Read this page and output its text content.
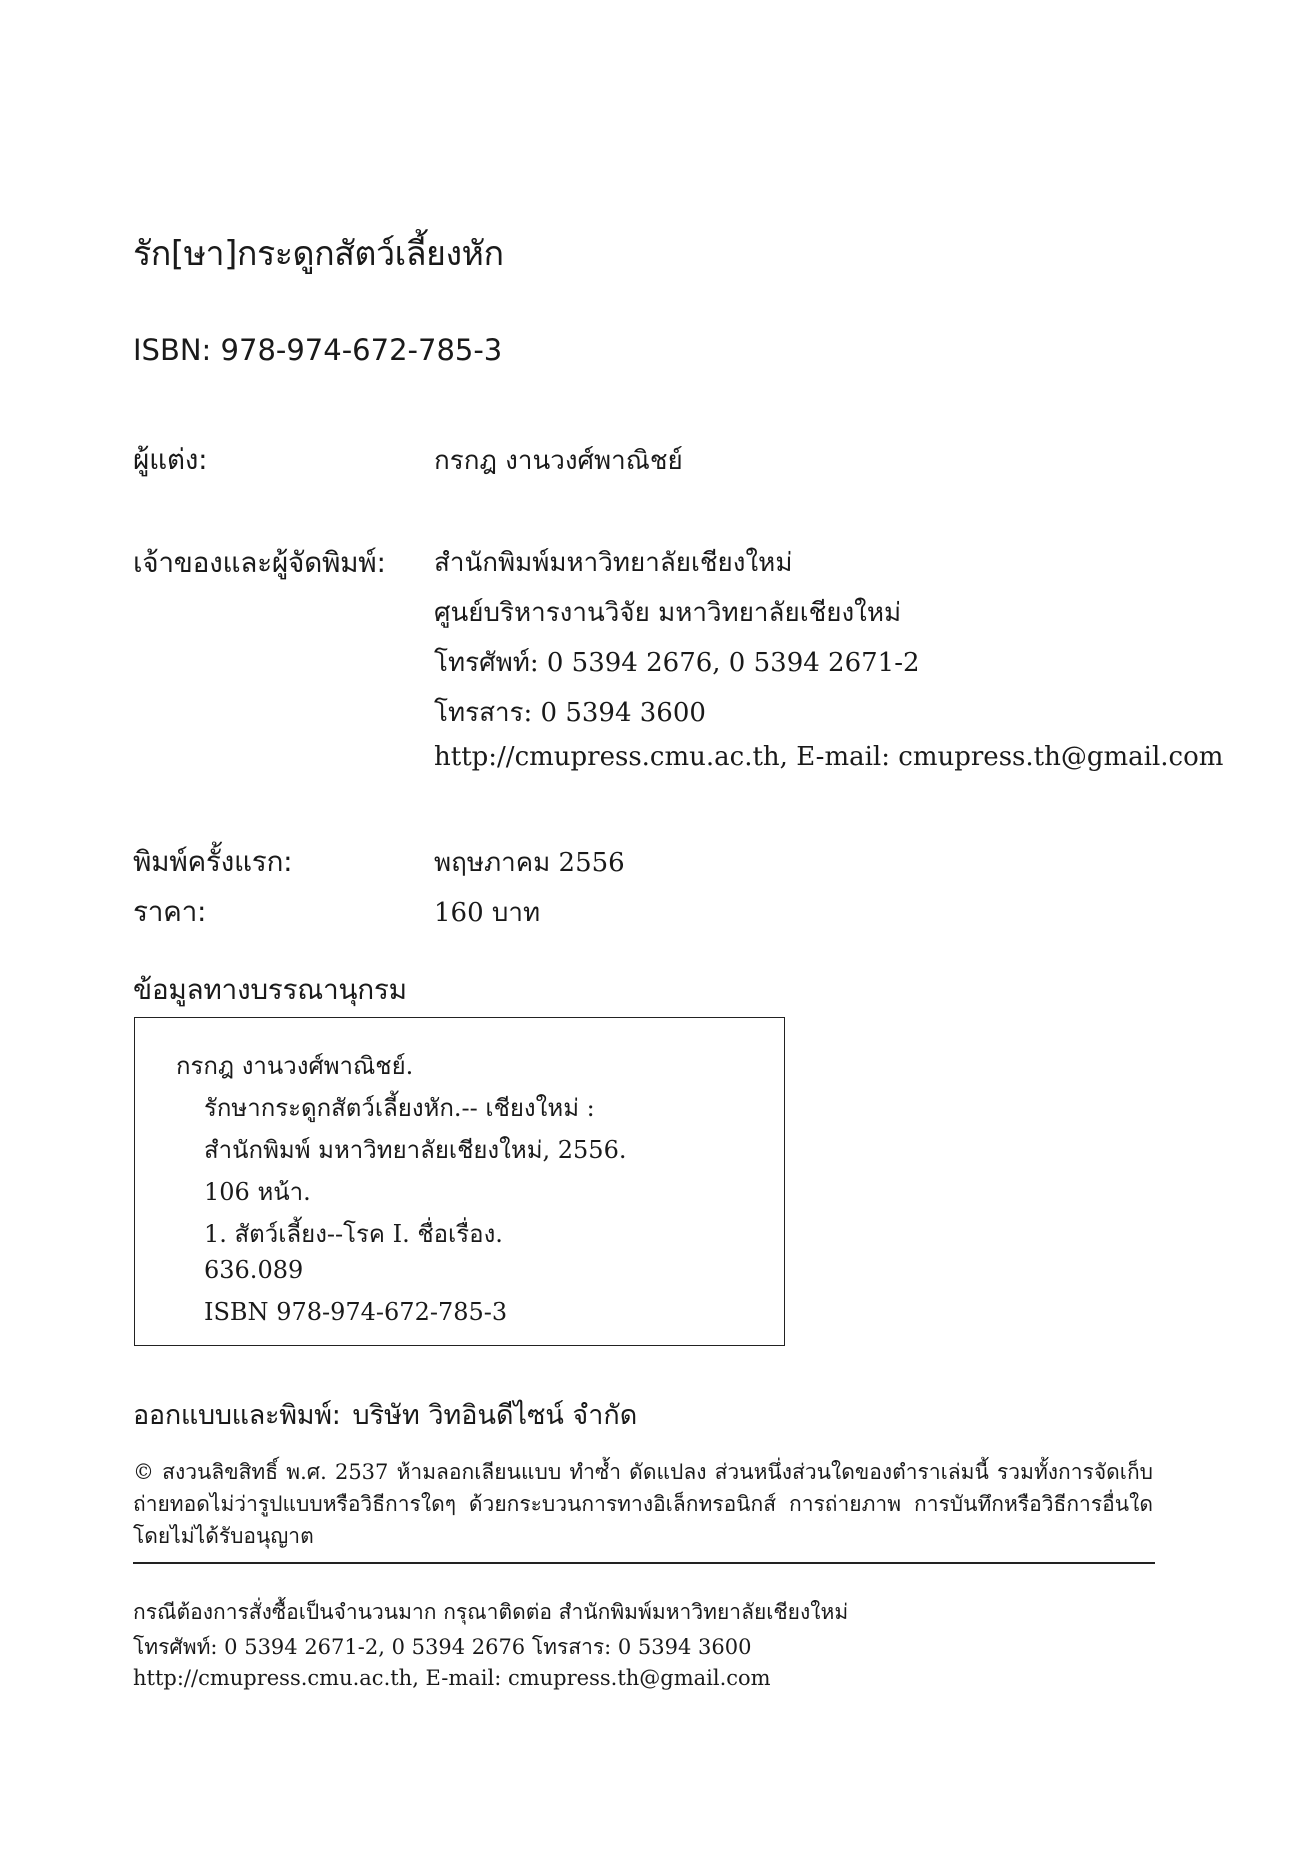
รัก[ษา]กระดูกสัตว์เลี้ยงหัก
ISBN: 978-974-672-785-3
ผู้แต่ง:	กรกฎ งานวงศ์พาณิชย์
เจ้าของและผู้จัดพิมพ์: สำนักพิมพ์มหาวิทยาลัยเชียงใหม่
ศูนย์บริหารงานวิจัย มหาวิทยาลัยเชียงใหม่
โทรศัพท์: 0 5394 2676, 0 5394 2671-2
โทรสาร: 0 5394 3600
http://cmupress.cmu.ac.th, E-mail: cmupress.th@gmail.com
พิมพ์ครั้งแรก:	พฤษภาคม 2556
ราคา:	160 บาท
ข้อมูลทางบรรณานุกรม
กรกฎ งานวงศ์พาณิชย์.
รักษากระดูกสัตว์เลี้ยงหัก.-- เชียงใหม่ :
สำนักพิมพ์ มหาวิทยาลัยเชียงใหม่, 2556.
106 หน้า.
1. สัตว์เลี้ยง--โรค I. ชื่อเรื่อง.
636.089
ISBN 978-974-672-785-3
ออกแบบและพิมพ์: บริษัท วิทอินดีไซน์ จำกัด
© สงวนลิขสิทธิ์ พ.ศ. 2537 ห้ามลอกเลียนแบบ ทำซ้ำ ดัดแปลง ส่วนหนึ่งส่วนใดของตำราเล่มนี้ รวมทั้งการจัดเก็บ ถ่ายทอดไม่ว่ารูปแบบหรือวิธีการใดๆ ด้วยกระบวนการทางอิเล็กทรอนิกส์ การถ่ายภาพ การบันทึกหรือวิธีการอื่นใดโดยไม่ได้รับอนุญาต
กรณีต้องการสั่งซื้อเป็นจำนวนมาก กรุณาติดต่อ สำนักพิมพ์มหาวิทยาลัยเชียงใหม่
โทรศัพท์: 0 5394 2671-2, 0 5394 2676 โทรสาร: 0 5394 3600
http://cmupress.cmu.ac.th, E-mail: cmupress.th@gmail.com
